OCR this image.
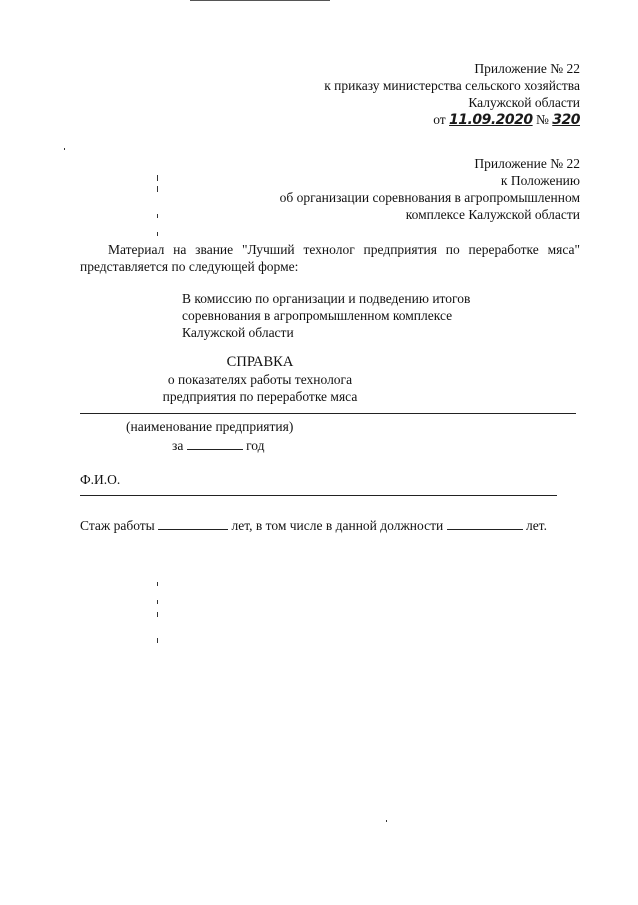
Приложение № 22
к приказу министерства сельского хозяйства
Калужской области
от 11.09.2020 № 320
Приложение № 22
к Положению
об организации соревнования в агропромышленном
комплексе Калужской области
Материал на звание "Лучший технолог предприятия по переработке мяса"
представляется по следующей форме:
В комиссию по организации и подведению итогов
соревнования в агропромышленном комплексе
Калужской области
СПРАВКА
о показателях работы технолога
предприятия по переработке мяса
(наименование предприятия)
за	год
Ф.И.О.
Стаж работы	лет, в том числе в данной должности	лет.
